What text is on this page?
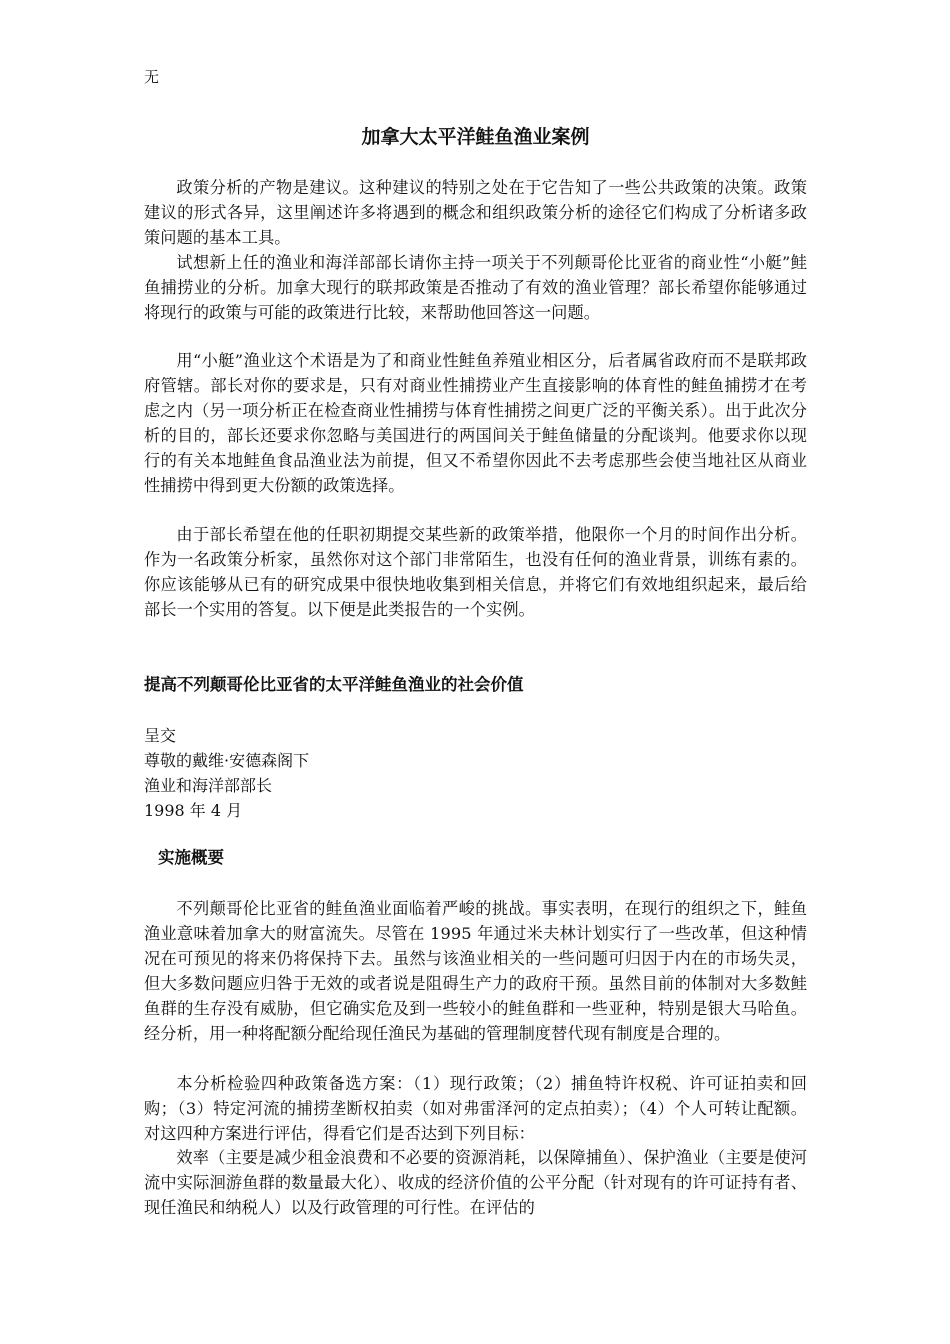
无
加拿大太平洋鲑鱼渔业案例

政策分析的产物是建议。这种建议的特别之处在于它告知了一些公共政策的决策。政策建议的形式各异，这里阐述许多将遇到的概念和组织政策分析的途径它们构成了分析诸多政策问题的基本工具。

试想新上任的渔业和海洋部部长请你主持一项关于不列颠哥伦比亚省的商业性“小艇”鲑鱼捕捞业的分析。加拿大现行的联邦政策是否推动了有效的渔业管理？部长希望你能够通过将现行的政策与可能的政策进行比较，来帮助他回答这一问题。

用“小艇”渔业这个术语是为了和商业性鲑鱼养殖业相区分，后者属省政府而不是联邦政府管辖。部长对你的要求是，只有对商业性捕捞业产生直接影响的体育性的鲑鱼捕捞才在考虑之内（另一项分析正在检查商业性捕捞与体育性捕捞之间更广泛的平衡关系）。出于此次分析的目的，部长还要求你忽略与美国进行的两国间关于鲑鱼储量的分配谈判。他要求你以现行的有关本地鲑鱼食品渔业法为前提，但又不希望你因此不去考虑那些会使当地社区从商业性捕捞中得到更大份额的政策选择。

由于部长希望在他的任职初期提交某些新的政策举措，他限你一个月的时间作出分析。作为一名政策分析家，虽然你对这个部门非常陌生，也没有任何的渔业背景，训练有素的。你应该能够从已有的研究成果中很快地收集到相关信息，并将它们有效地组织起来，最后给部长一个实用的答复。以下便是此类报告的一个实例。

提高不列颠哥伦比亚省的太平洋鲑鱼渔业的社会价值
呈交
尊敬的戴维·安德森阁下
渔业和海洋部部长
1998 年 4 月
实施概要

不列颠哥伦比亚省的鲑鱼渔业面临着严峻的挑战。事实表明，在现行的组织之下，鲑鱼渔业意味着加拿大的财富流失。尽管在 1995 年通过米夫林计划实行了一些改革，但这种情况在可预见的将来仍将保持下去。虽然与该渔业相关的一些问题可归因于内在的市场失灵，但大多数问题应归咎于无效的或者说是阻碍生产力的政府干预。虽然目前的体制对大多数鲑鱼群的生存没有威胁，但它确实危及到一些较小的鲑鱼群和一些亚种，特别是银大马哈鱼。经分析，用一种将配额分配给现任渔民为基础的管理制度替代现有制度是合理的。

本分析检验四种政策备选方案：（1）现行政策；（2）捕鱼特许权税、许可证拍卖和回购；（3）特定河流的捕捞垄断权拍卖（如对弗雷泽河的定点拍卖）；（4）个人可转让配额。对这四种方案进行评估，得看它们是否达到下列目标：

效率（主要是减少租金浪费和不必要的资源消耗，以保障捕鱼）、保护渔业（主要是使河流中实际洄游鱼群的数量最大化）、收成的经济价值的公平分配（针对现有的许可证持有者、现任渔民和纳税人）以及行政管理的可行性。在评估的
